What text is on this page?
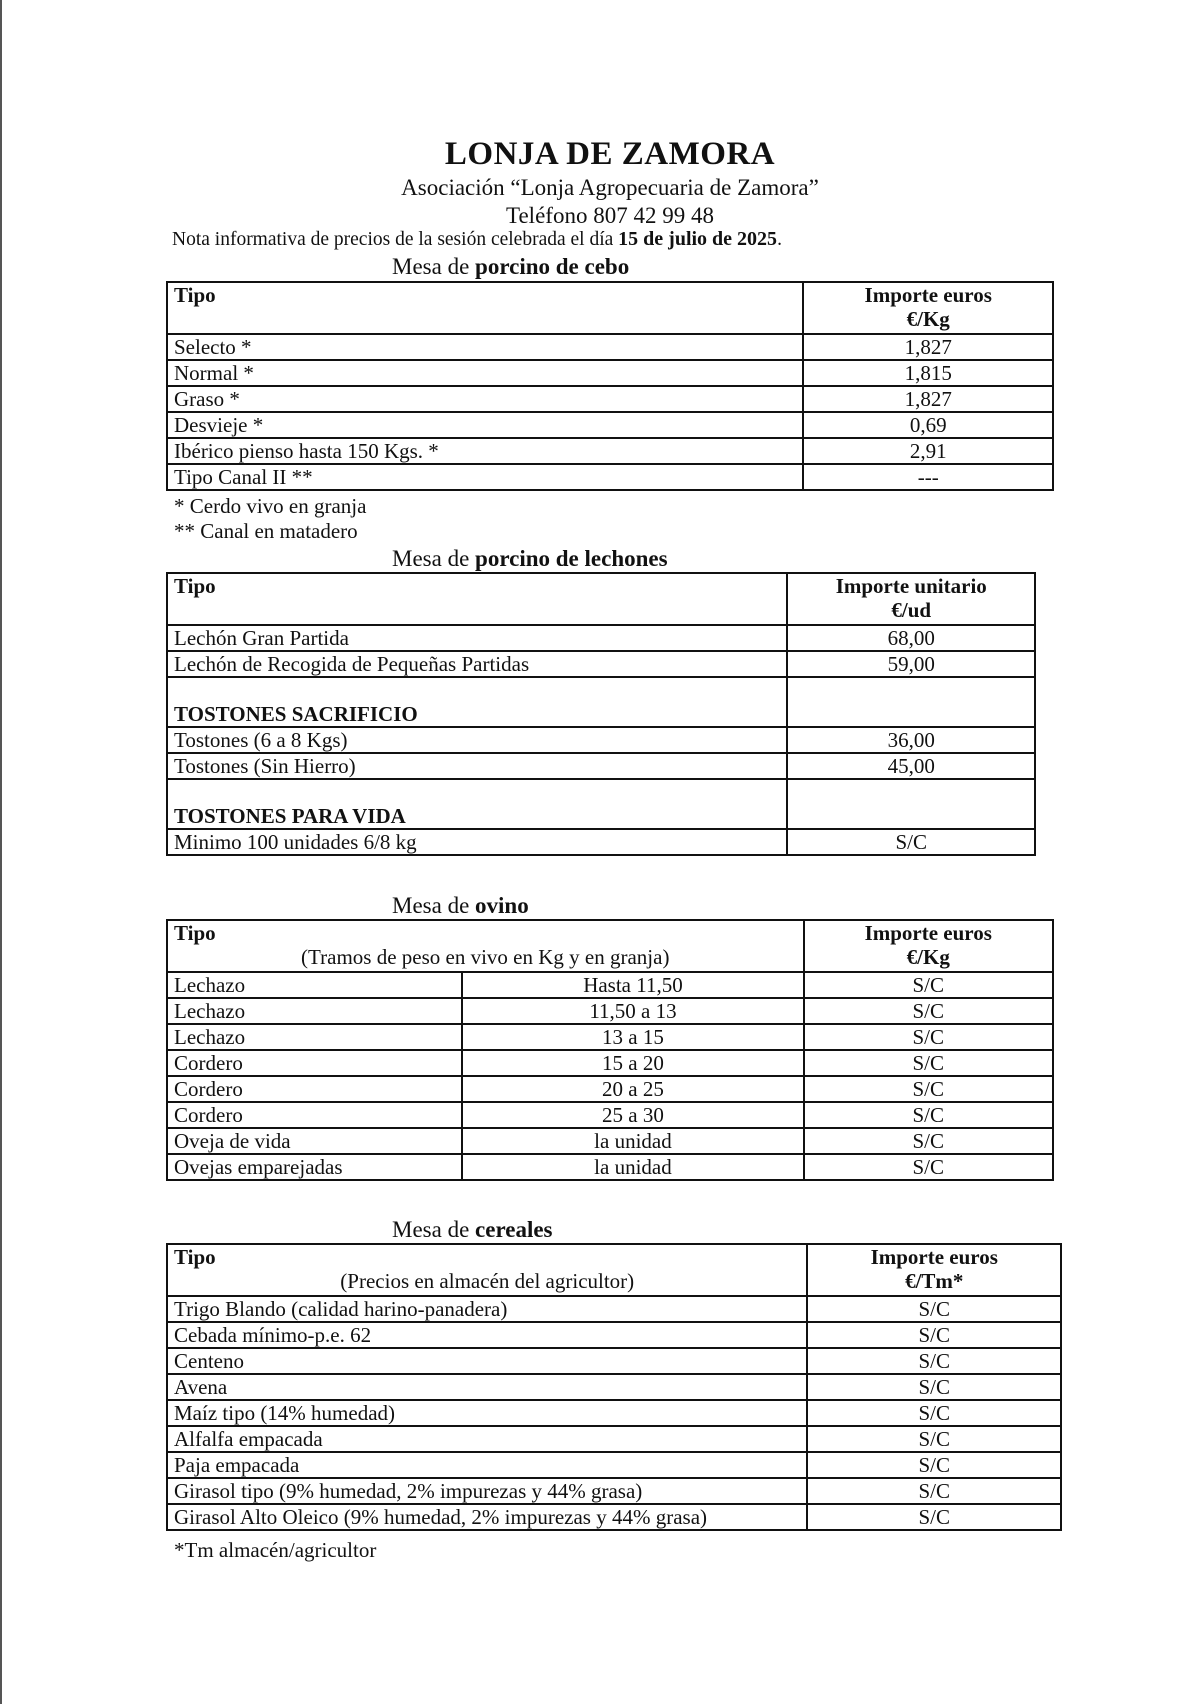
LONJA DE ZAMORA
Asociación “Lonja Agropecuaria de Zamora”
Teléfono 807 42 99 48
Nota informativa de precios de la sesión celebrada el día 15 de julio de 2025.
Mesa de porcino de cebo
Tipo	Importe euros
€/Kg
Selecto *	1,827
Normal *	1,815
Graso *	1,827
Desvieje *	0,69
Ibérico pienso hasta 150 Kgs. *	2,91
Tipo Canal II **	---
* Cerdo vivo en granja
** Canal en matadero
Mesa de porcino de lechones
Tipo	Importe unitario
€/ud
Lechón Gran Partida	68,00
Lechón de Recogida de Pequeñas Partidas	59,00
TOSTONES SACRIFICIO	
Tostones (6 a 8 Kgs)	36,00
Tostones (Sin Hierro)	45,00
TOSTONES PARA VIDA	
Minimo 100 unidades 6/8 kg	S/C
Mesa de ovino
Tipo
(Tramos de peso en vivo en Kg y en granja)		Importe euros
€/Kg
Lechazo	Hasta 11,50	S/C
Lechazo	11,50 a 13	S/C
Lechazo	13 a 15	S/C
Cordero	15 a 20	S/C
Cordero	20 a 25	S/C
Cordero	25 a 30	S/C
Oveja de vida	la unidad	S/C
Ovejas emparejadas	la unidad	S/C
Mesa de cereales
Tipo
(Precios en almacén del agricultor)	Importe euros
€/Tm*
Trigo Blando (calidad harino-panadera)	S/C
Cebada mínimo-p.e. 62	S/C
Centeno	S/C
Avena	S/C
Maíz tipo (14% humedad)	S/C
Alfalfa empacada	S/C
Paja empacada	S/C
Girasol tipo (9% humedad, 2% impurezas y 44% grasa)	S/C
Girasol Alto Oleico (9% humedad, 2% impurezas y 44% grasa)	S/C
*Tm almacén/agricultor
